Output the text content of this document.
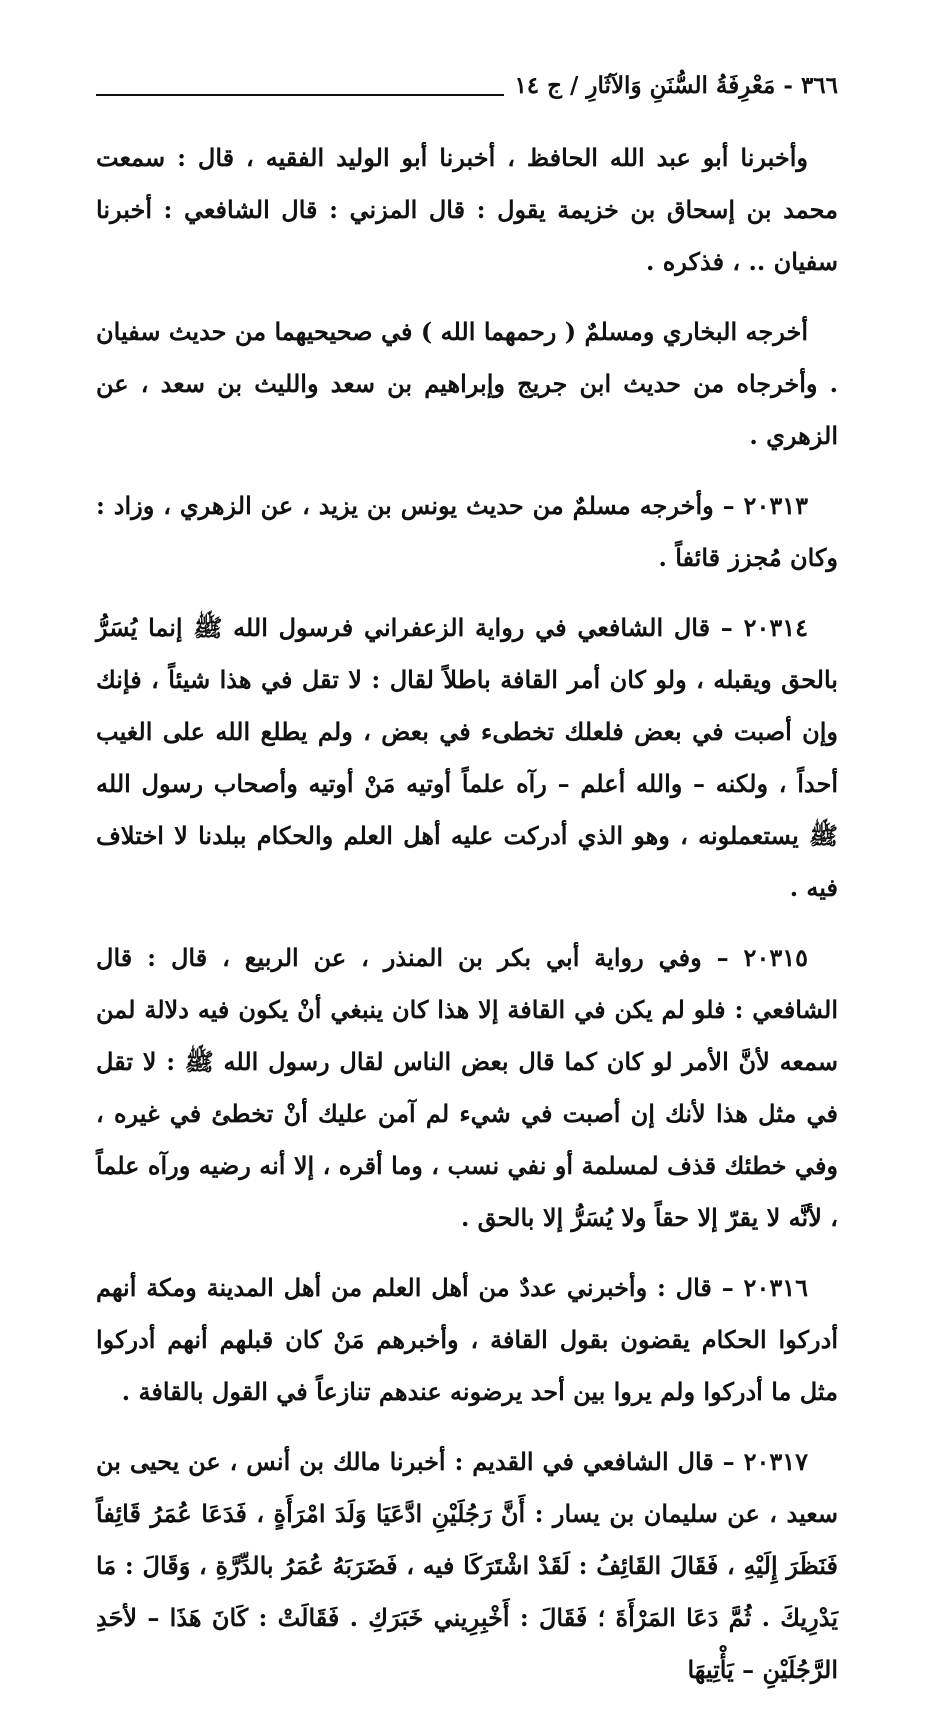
٣٦٦ - مَعْرِفَةُ السُّنَنِ وَالآثَارِ / ج ١٤

وأخبرنا أبو عبد الله الحافظ ، أخبرنا أبو الوليد الفقيه ، قال : سمعت محمد بن إسحاق بن خزيمة يقول : قال المزني : قال الشافعي : أخبرنا سفيان .. ، فذكره .

أخرجه البخاري ومسلمٌ ( رحمهما الله ) في صحيحيهما من حديث سفيان . وأخرجاه من حديث ابن جريج وإبراهيم بن سعد والليث بن سعد ، عن الزهري .

٢٠٣١٣ – وأخرجه مسلمٌ من حديث يونس بن يزيد ، عن الزهري ، وزاد : وكان مُجزز قائفاً .

٢٠٣١٤ – قال الشافعي في رواية الزعفراني فرسول الله ﷺ إنما يُسَرُّ بالحق ويقبله ، ولو كان أمر القافة باطلاً لقال : لا تقل في هذا شيئاً ، فإنك وإن أصبت في بعض فلعلك تخطىء في بعض ، ولم يطلع الله على الغيب أحداً ، ولكنه – والله أعلم – رآه علماً أوتيه مَنْ أوتيه وأصحاب رسول الله ﷺ يستعملونه ، وهو الذي أدركت عليه أهل العلم والحكام ببلدنا لا اختلاف فيه .

٢٠٣١٥ – وفي رواية أبي بكر بن المنذر ، عن الربيع ، قال : قال الشافعي : فلو لم يكن في القافة إلا هذا كان ينبغي أنْ يكون فيه دلالة لمن سمعه لأنَّ الأمر لو كان كما قال بعض الناس لقال رسول الله ﷺ : لا تقل في مثل هذا لأنك إن أصبت في شيء لم آمن عليك أنْ تخطئ في غيره ، وفي خطئك قذف لمسلمة أو نفي نسب ، وما أقره ، إلا أنه رضيه ورآه علماً ، لأنَّه لا يقرّ إلا حقاً ولا يُسَرُّ إلا بالحق .

٢٠٣١٦ – قال : وأخبرني عددٌ من أهل العلم من أهل المدينة ومكة أنهم أدركوا الحكام يقضون بقول القافة ، وأخبرهم مَنْ كان قبلهم أنهم أدركوا مثل ما أدركوا ولم يروا بين أحد يرضونه عندهم تنازعاً في القول بالقافة .

٢٠٣١٧ – قال الشافعي في القديم : أخبرنا مالك بن أنس ، عن يحيى بن سعيد ، عن سليمان بن يسار : أَنَّ رَجُلَيْنِ ادَّعَيَا وَلَدَ امْرَأَةٍ ، فَدَعَا عُمَرُ قَائِفاً فَنَظَرَ إِلَيْهِ ، فَقَالَ القَائِفُ : لَقَدْ اشْتَرَكَا فيه ، فَضَرَبَهُ عُمَرُ بالدِّرَّةِ ، وَقَالَ : مَا يَدْرِيكَ . ثُمَّ دَعَا المَرْأَةَ ؛ فَقَالَ : أَخْبِرِيني خَبَرَكِ . فَقَالَتْ : كَانَ هَذَا – لأحَدِ الرَّجُلَيْنِ – يَأْتِيهَا
